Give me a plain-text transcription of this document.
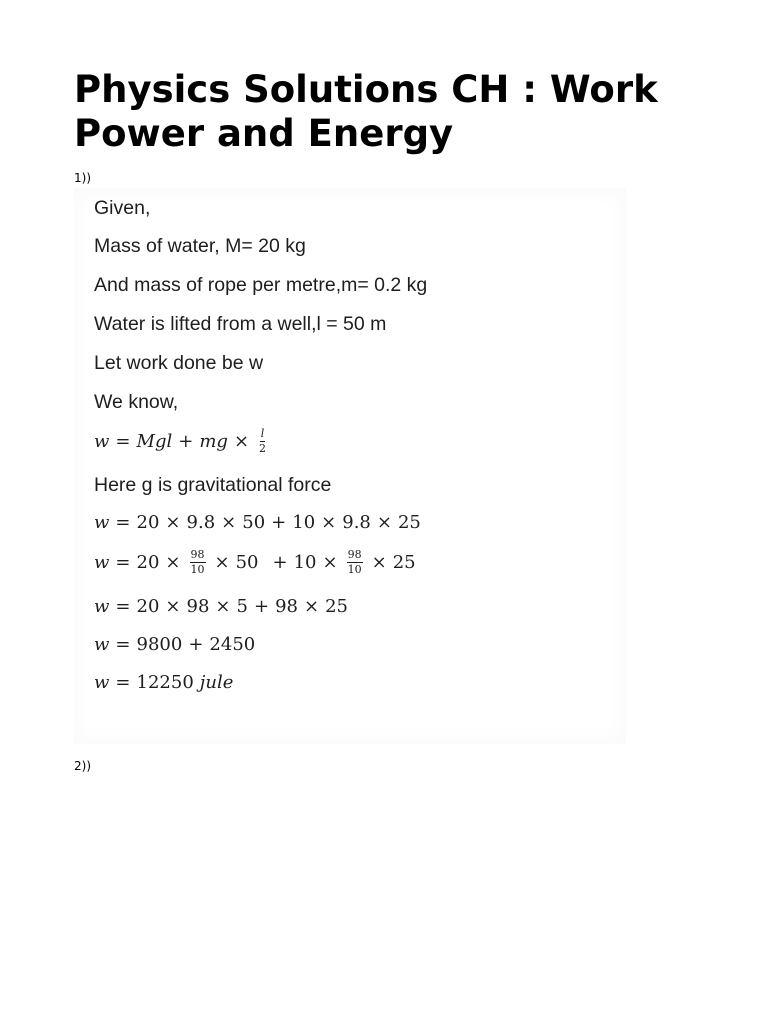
Physics Solutions CH : Work Power and Energy
1))
Given,
Mass of water, M= 20 kg
And mass of rope per metre,m= 0.2 kg
Water is lifted from a well,l = 50 m
Let work done be w
We know,
w = M g l + m $g \times \frac{l}{2}$
Here g is gravitational force
w = 20 × 9.8 × 50 + 10 × 9.8 × 25
$w = 20 \times \frac{98}{10} \times 50 + 10 \times \frac{98}{10} \times 25$
w = 20 × 98 × 5 + 98 × 25
w = 9800 + 2450
w = 12250 jule
2))
